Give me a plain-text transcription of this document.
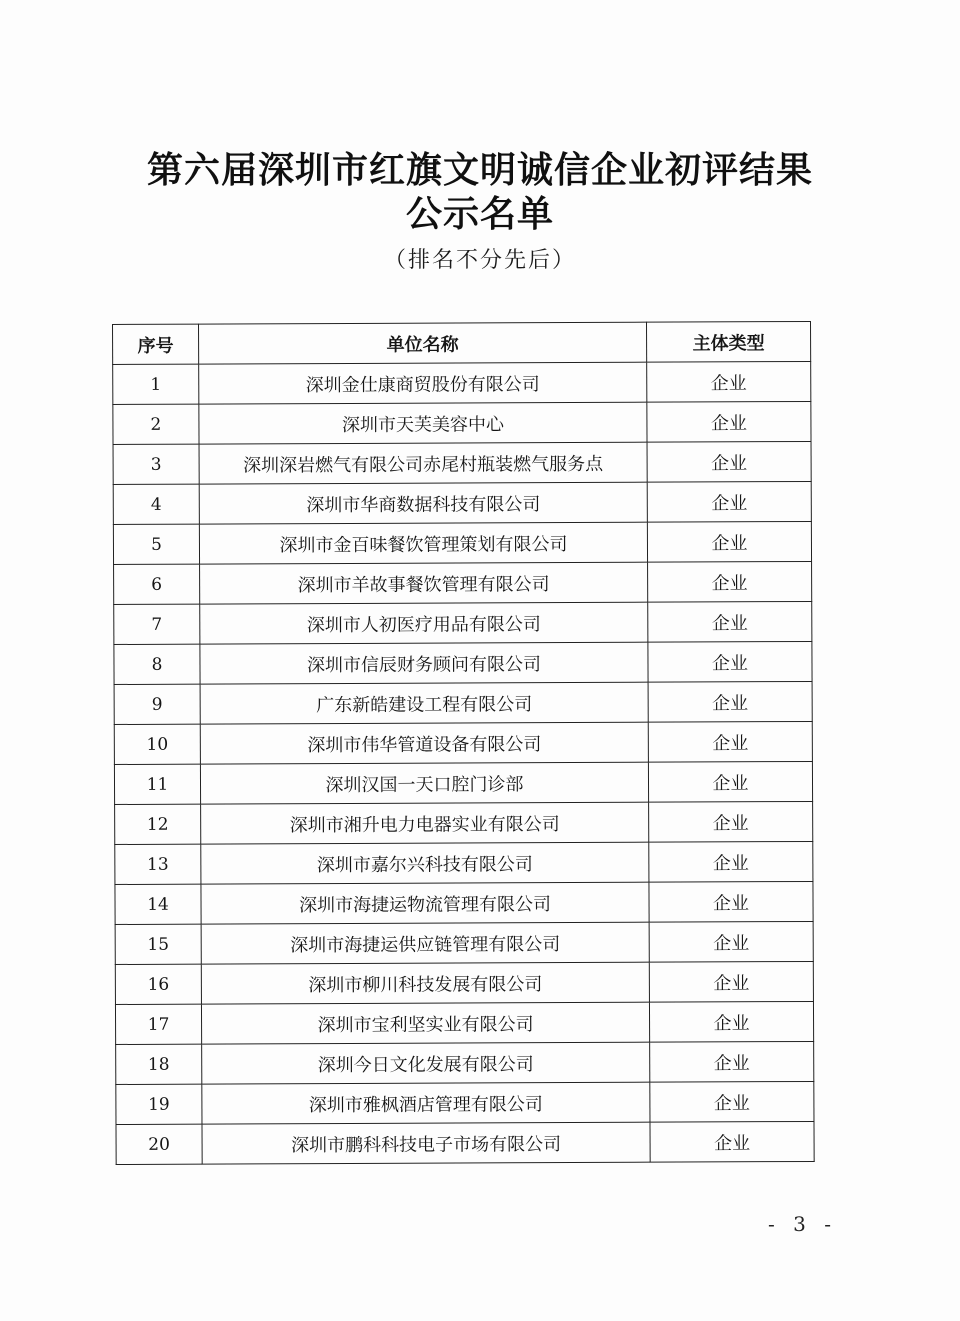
第六届深圳市红旗文明诚信企业初评结果
公示名单
（排名不分先后）
序号	单位名称	主体类型
1	深圳金仕康商贸股份有限公司	企业
2	深圳市天芙美容中心	企业
3	深圳深岩燃气有限公司赤尾村瓶装燃气服务点	企业
4	深圳市华商数据科技有限公司	企业
5	深圳市金百味餐饮管理策划有限公司	企业
6	深圳市羊故事餐饮管理有限公司	企业
7	深圳市人初医疗用品有限公司	企业
8	深圳市信辰财务顾问有限公司	企业
9	广东新皓建设工程有限公司	企业
10	深圳市伟华管道设备有限公司	企业
11	深圳汉国一天口腔门诊部	企业
12	深圳市湘升电力电器实业有限公司	企业
13	深圳市嘉尔兴科技有限公司	企业
14	深圳市海捷运物流管理有限公司	企业
15	深圳市海捷运供应链管理有限公司	企业
16	深圳市柳川科技发展有限公司	企业
17	深圳市宝利坚实业有限公司	企业
18	深圳今日文化发展有限公司	企业
19	深圳市雅枫酒店管理有限公司	企业
20	深圳市鹏科科技电子市场有限公司	企业
- 3 -
